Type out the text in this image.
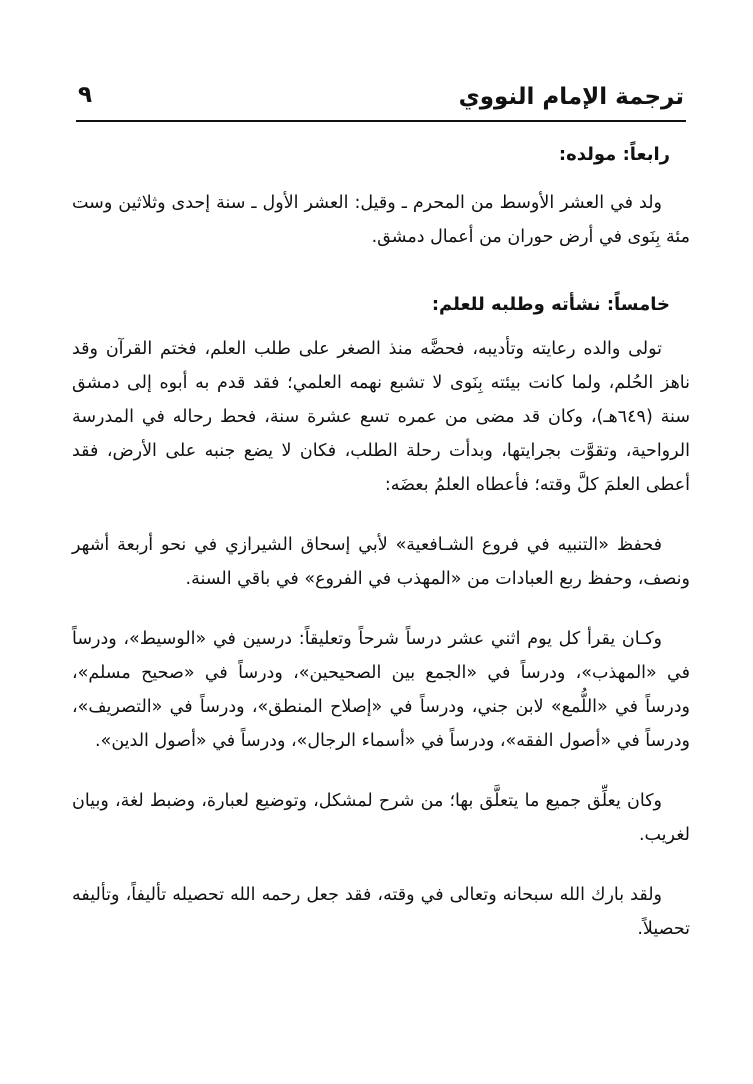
ترجمة الإمام النووي
٩

رابعاً: مولده:

ولد في العشر الأوسط من المحرم ـ وقيل: العشر الأول ـ سنة إحدى وثلاثين وست مئة بِنَوى في أرض حوران من أعمال دمشق.

خامساً: نشأته وطلبه للعلم:

تولى والده رعايته وتأديبه، فحضَّه منذ الصغر على طلب العلم، فختم القرآن وقد ناهز الحُلم، ولما كانت بيئته بِنَوى لا تشبع نهمه العلمي؛ فقد قدم به أبوه إلى دمشق سنة (٦٤٩هـ)، وكان قد مضى من عمره تسع عشرة سنة، فحط رحاله في المدرسة الرواحية، وتقوَّت بجرايتها، وبدأت رحلة الطلب، فكان لا يضع جنبه على الأرض، فقد أعطى العلمَ كلَّ وقته؛ فأعطاه العلمُ بعضَه:

فحفظ «التنبيه في فروع الشـافعية» لأبي إسحاق الشيرازي في نحو أربعة أشهر ونصف، وحفظ ربع العبادات من «المهذب في الفروع» في باقي السنة.

وكـان يقرأ كل يوم اثني عشر درساً شرحاً وتعليقاً: درسين في «الوسيط»، ودرساً في «المهذب»، ودرساً في «الجمع بين الصحيحين»، ودرساً في «صحيح مسلم»، ودرساً في «اللُّمع» لابن جني، ودرساً في «إصلاح المنطق»، ودرساً في «التصريف»، ودرساً في «أصول الفقه»، ودرساً في «أسماء الرجال»، ودرساً في «أصول الدين».

وكان يعلِّق جميع ما يتعلَّق بها؛ من شرح لمشكل، وتوضيع لعبارة، وضبط لغة، وبيان لغريب.

ولقد بارك الله سبحانه وتعالى في وقته، فقد جعل رحمه الله تحصيله تأليفاً، وتأليفه تحصيلاً.
